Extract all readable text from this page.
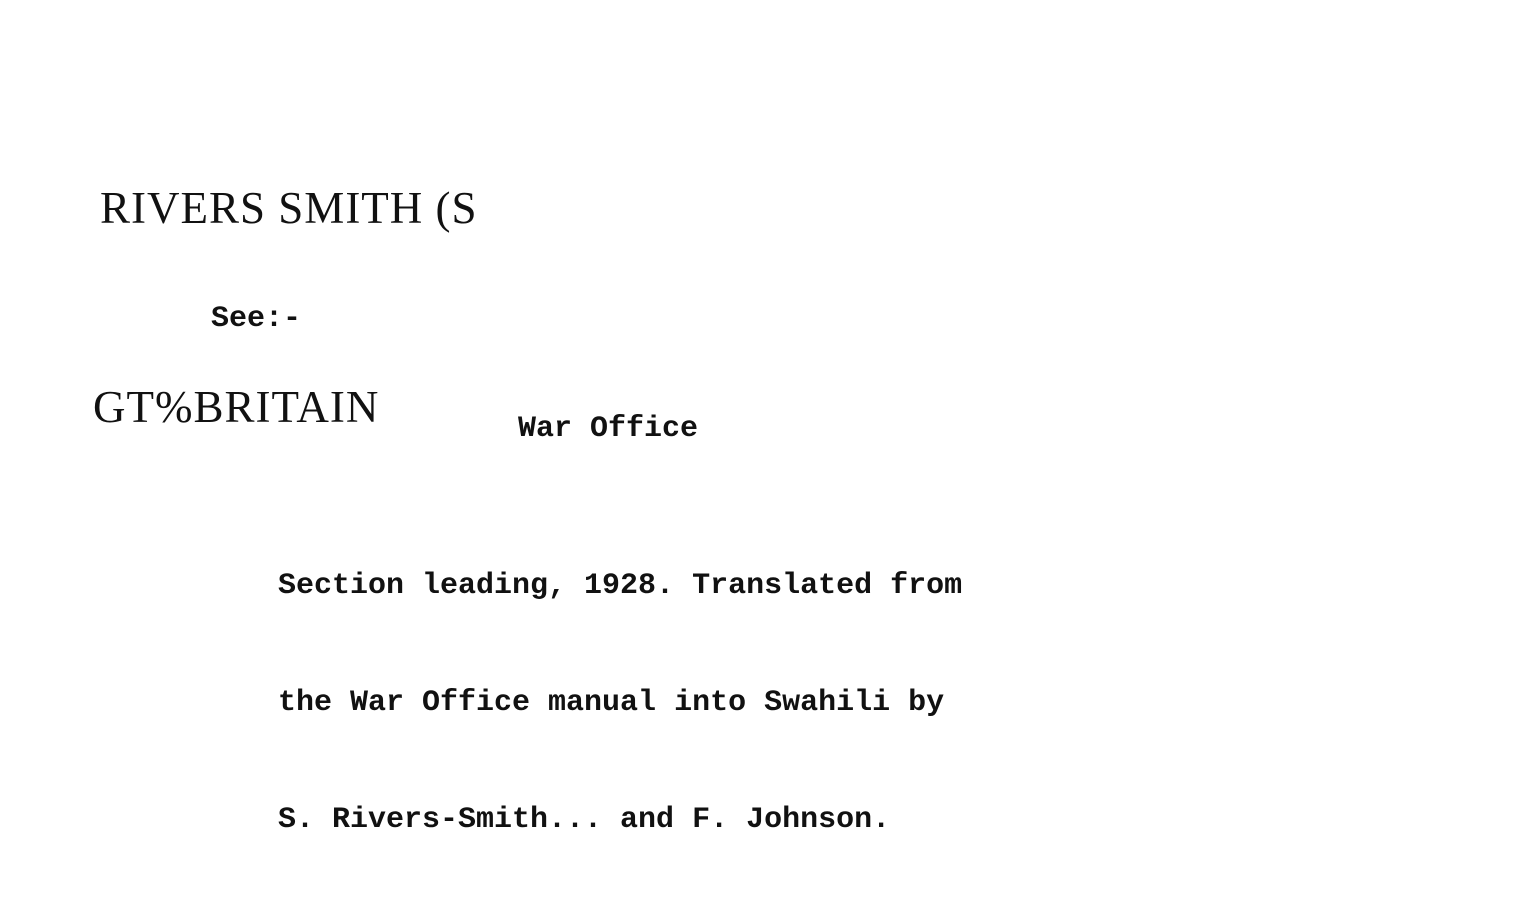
RIVERS SMITH (S
See:-
GT%BRITAIN	War Office

Section leading, 1928. Translated from

the War Office manual into Swahili by

S. Rivers-Smith... and F. Johnson.
